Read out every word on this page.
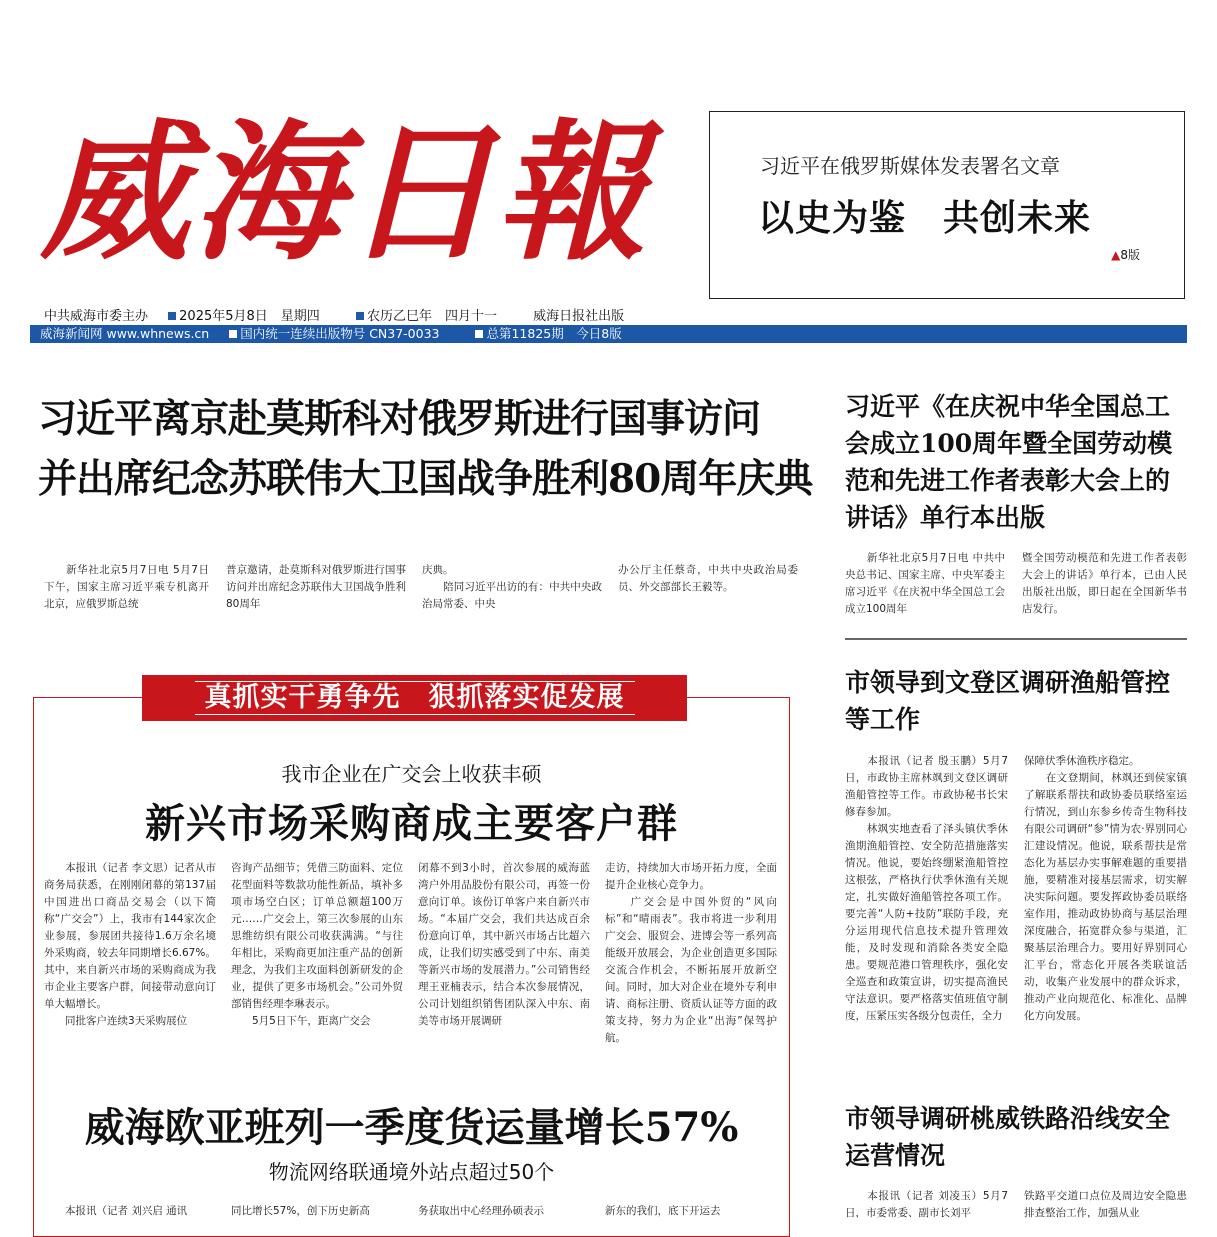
威海日報	习近平在俄罗斯媒体发表署名文章
以史为鉴　共创未来
▲8版
中共威海市委主办 2025年5月8日　星期四	农历乙巳年　四月十一	威海日报社出版
威海新闻网 www.whnews.cn 国内统一连续出版物号 CN37-0033	总第11825期　今日8版
习近平离京赴莫斯科对俄罗斯进行国事访问
并出席纪念苏联伟大卫国战争胜利80周年庆典
　　新华社北京5月7日电 5月7日下午，国家主席习近平乘专机离开北京，应俄罗斯总统
普京邀请，赴莫斯科对俄罗斯进行国事访问并出席纪念苏联伟大卫国战争胜利80周年
庆典。
　　陪同习近平出访的有：中共中央政治局常委、中央
办公厅主任蔡奇，中共中央政治局委员、外交部部长王毅等。
习近平《在庆祝中华全国总工会成立100周年暨全国劳动模范和先进工作者表彰大会上的讲话》单行本出版
　　新华社北京5月7日电 中共中央总书记、国家主席、中央军委主席习近平《在庆祝中华全国总工会成立100周年
暨全国劳动模范和先进工作者表彰大会上的讲话》单行本，已由人民出版社出版，即日起在全国新华书店发行。
市领导到文登区调研渔船管控等工作
　　本报讯（记者 殷玉鹏）5月7日，市政协主席林飒到文登区调研渔船管控等工作。市政协秘书长宋修春参加。
　　林飒实地查看了泽头镇伏季休渔期渔船管控、安全防范措施落实情况。他说，要始终绷紧渔船管控这根弦，严格执行伏季休渔有关规定，扎实做好渔船管控各项工作。要完善“人防+技防”联防手段，充分运用现代信息技术提升管理效能，及时发现和消除各类安全隐患。要规范港口管理秩序，强化安全巡查和政策宣讲，切实提高渔民守法意识。要严格落实值班值守制度，压紧压实各级分包责任，全力
保障伏季休渔秩序稳定。
　　在文登期间，林飒还到侯家镇了解联系帮扶和政协委员联络室运行情况，到山东参乡传奇生物科技有限公司调研“参”情为农·界别同心汇建设情况。他说，联系帮扶是常态化为基层办实事解难题的重要措施，要精准对接基层需求，切实解决实际问题。要发挥政协委员联络室作用，推动政协协商与基层治理深度融合，拓宽群众参与渠道，汇聚基层治理合力。要用好界别同心汇平台，常态化开展各类联谊活动，收集产业发展中的群众诉求，推动产业向规范化、标准化、品牌化方向发展。
市领导调研桃威铁路沿线安全运营情况
　　本报讯（记者 刘凌玉）5月7日，市委常委、副市长刘平
铁路平交道口点位及周边安全隐患排查整治工作，加强从业
真抓实干勇争先　狠抓落实促发展
我市企业在广交会上收获丰硕
新兴市场采购商成主要客户群
　　本报讯（记者 李文思）记者从市商务局获悉，在刚刚闭幕的第137届中国进出口商品交易会（以下简称“广交会”）上，我市有144家次企业参展，参展团共接待1.6万余名境外采购商，较去年同期增长6.67%。其中，来自新兴市场的采购商成为我市企业主要客户群，间接带动意向订单大幅增长。
　　同批客户连续3天采购展位
咨询产品细节；凭借三防面料、定位花型面料等数款功能性新品，填补多项市场空白区；订单总额超100万元……广交会上，第三次参展的山东思维纺织有限公司收获满满。“与往年相比，采购商更加注重产品的创新理念，为我们主攻面料创新研发的企业，提供了更多市场机会。”公司外贸部销售经理李琳表示。
　　5月5日下午，距离广交会
闭幕不到3小时，首次参展的威海蓝湾户外用品股份有限公司，再签一份意向订单。该份订单客户来自新兴市场。“本届广交会，我们共达成百余份意向订单，其中新兴市场占比超六成，让我们切实感受到了中东、南美等新兴市场的发展潜力。”公司销售经理王亚楠表示，结合本次参展情况，公司计划组织销售团队深入中东、南美等市场开展调研
走访，持续加大市场开拓力度，全面提升企业核心竞争力。
　　广交会是中国外贸的“风向标”和“晴雨表”。我市将进一步利用广交会、服贸会、进博会等一系列高能级开放展会，为企业创造更多国际交流合作机会，不断拓展开放新空间。同时，加大对企业在境外专利申请、商标注册、资质认证等方面的政策支持，努力为企业“出海”保驾护航。
威海欧亚班列一季度货运量增长57%
物流网络联通境外站点超过50个
　　本报讯（记者 刘兴启 通讯	同比增长57%，创下历史新高	务获取出中心经理孙硕表示	新东的我们，底下开运去
